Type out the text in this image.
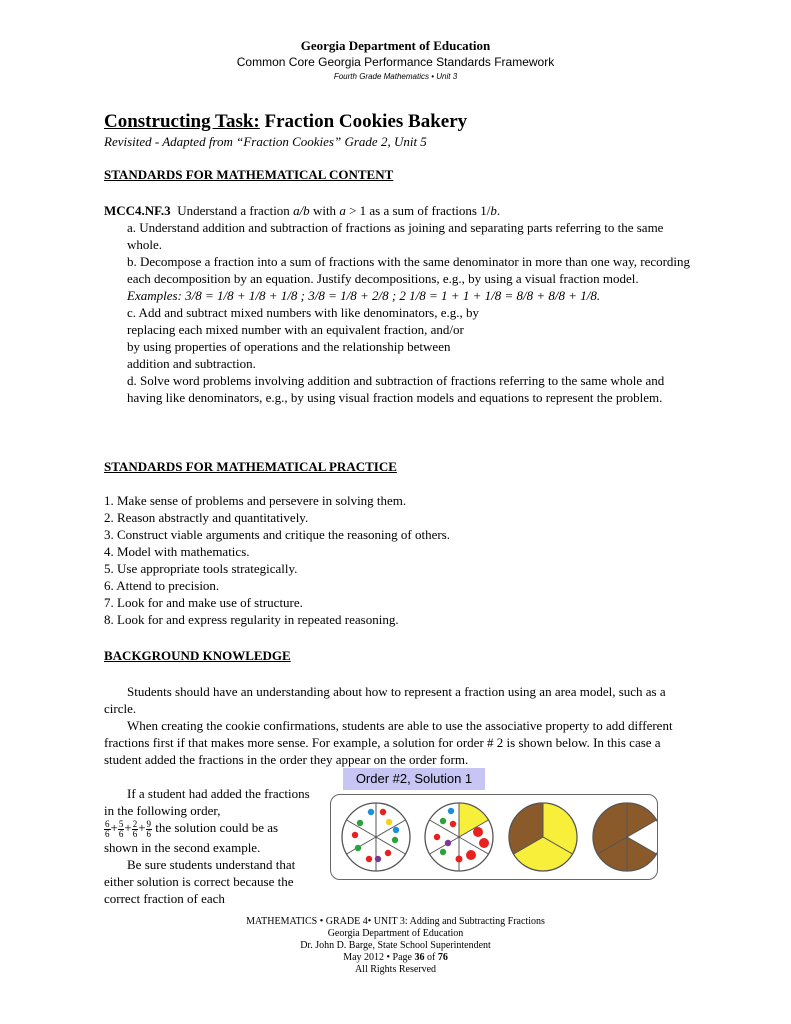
Georgia Department of Education
Common Core Georgia Performance Standards Framework
Fourth Grade Mathematics • Unit 3
Constructing Task: Fraction Cookies Bakery
Revisited - Adapted from “Fraction Cookies” Grade 2, Unit 5
STANDARDS FOR MATHEMATICAL CONTENT
MCC4.NF.3 Understand a fraction a/b with a > 1 as a sum of fractions 1/b.
a. Understand addition and subtraction of fractions as joining and separating parts referring to the same whole.
b. Decompose a fraction into a sum of fractions with the same denominator in more than one way, recording each decomposition by an equation. Justify decompositions, e.g., by using a visual fraction model. Examples: 3/8 = 1/8 + 1/8 + 1/8 ; 3/8 = 1/8 + 2/8 ; 2 1/8 = 1 + 1 + 1/8 = 8/8 + 8/8 + 1/8.
c. Add and subtract mixed numbers with like denominators, e.g., by
replacing each mixed number with an equivalent fraction, and/or
by using properties of operations and the relationship between
addition and subtraction.
d. Solve word problems involving addition and subtraction of fractions referring to the same whole and having like denominators, e.g., by using visual fraction models and equations to represent the problem.
STANDARDS FOR MATHEMATICAL PRACTICE
1. Make sense of problems and persevere in solving them.
2. Reason abstractly and quantitatively.
3. Construct viable arguments and critique the reasoning of others.
4. Model with mathematics.
5. Use appropriate tools strategically.
6. Attend to precision.
7. Look for and make use of structure.
8. Look for and express regularity in repeated reasoning.
BACKGROUND KNOWLEDGE
Students should have an understanding about how to represent a fraction using an area model, such as a circle.
When creating the cookie confirmations, students are able to use the associative property to add different fractions first if that makes more sense. For example, a solution for order # 2 is shown below. In this case a student added the fractions in the order they appear on the order form.
If a student had added the fractions in the following order,
$\frac{6}{6} + \frac{5}{6} + \frac{2}{6} + \frac{9}{6}$ the solution could be as shown in the second example.
Be sure students understand that either solution is correct because the correct fraction of each
Order #2, Solution 1
MATHEMATICS • GRADE 4• UNIT 3: Adding and Subtracting Fractions
Georgia Department of Education
Dr. John D. Barge, State School Superintendent
May 2012 • Page 36 of 76
All Rights Reserved
